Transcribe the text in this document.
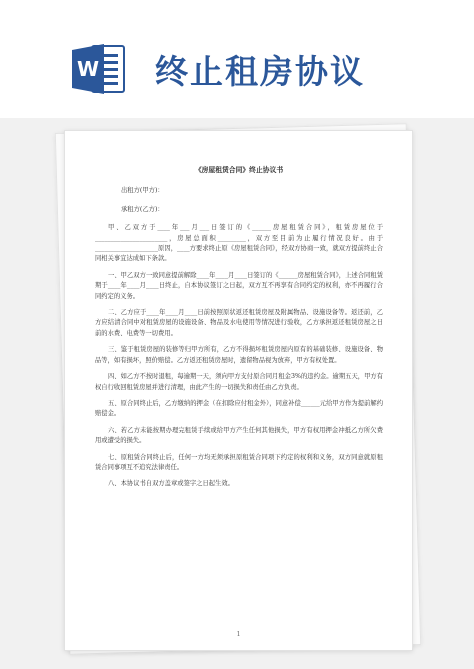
W 终止租房协议
《房屋租赁合同》终止协议书
出租方(甲方)：
承租方(乙方)：

甲、乙双方于____年___月___日签订的《______房屋租赁合同》，租赁房屋位于_______________________，房屋总面积_________，双方至目前为止履行情况良好。由于____________________原因，____方要求终止原《房屋租赁合同》，经双方协商一致，就双方提前终止合同相关事宜达成如下条款。

一、甲乙双方一致同意提前解除____年____月____日签订的《______房屋租赁合同》，上述合同租赁期于____年____月____日终止，自本协议签订之日起，双方互不再享有合同约定的权利，亦不再履行合同约定的义务。

二、乙方应于____年____月____日前按照原状返还租赁房屋及附属物品、设施设备等。返还前，乙方应结清合同中对租赁房屋的设施设备、物品及水电使用等情况进行验收，乙方承担返还租赁房屋之日前的水费、电费等一切费用。

三、鉴于租赁房屋的装修等归甲方所有，乙方不得损坏租赁房屋内原有的基础装修、设施设备、物品等，如有损坏，照价赔偿。乙方返还租赁房屋时，遗留物品视为放弃，甲方有权处置。

四、如乙方不按时退租，每逾期一天，须向甲方支付原合同月租金3%的违约金。逾期五天，甲方有权自行收回租赁房屋并进行清理，由此产生的一切损失和责任由乙方负责。

五、原合同终止后，乙方缴纳的押金（在扣除应付租金外），同意补偿______元给甲方作为提前解约赔偿金。

六、若乙方未能按期办理完租赁手续或给甲方产生任何其他损失，甲方有权用押金冲抵乙方所欠费用或遭受的损失。

七、原租赁合同终止后，任何一方均无须承担原租赁合同项下约定的权利和义务，双方同意就原租赁合同事项互不追究法律责任。

八、本协议书自双方盖章或签字之日起生效。

1
